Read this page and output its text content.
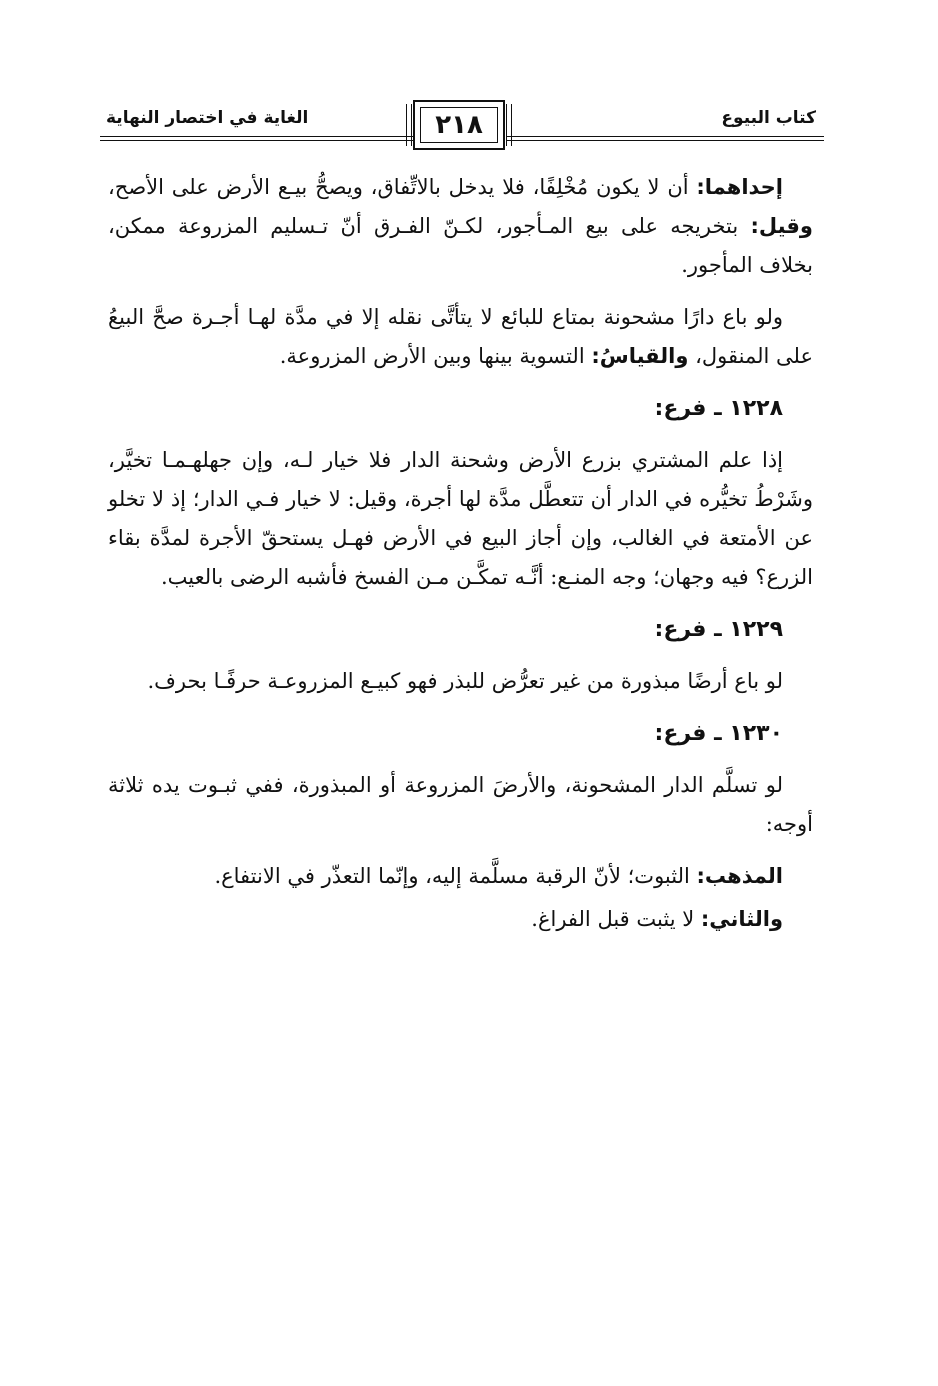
كتاب البيوع
الغاية في اختصار النهاية	٢١٨

إحداهما: أن لا يكون مُخْلِفًا، فلا يدخل بالاتِّفاق، ويصحُّ بيـع الأرض على الأصح، وقيل: بتخريجه على بيع المـأجور، لكـنّ الفـرق أنّ تـسليم المزروعة ممكن، بخلاف المأجور.

ولو باع دارًا مشحونة بمتاع للبائع لا يتأتَّى نقله إلا في مدَّة لهـا أجـرة صحَّ البيعُ على المنقول، والقياسُ: التسوية بينها وبين الأرض المزروعة.

١٢٢٨ ـ فرع:

إذا علم المشتري بزرع الأرض وشحنة الدار فلا خيار لـه، وإن جهلهـمـا تخيَّر، وشَرْطُ تخيُّره في الدار أن تتعطَّل مدَّة لها أجرة، وقيل: لا خيار فـي الدار؛ إذ لا تخلو عن الأمتعة في الغالب، وإن أجاز البيع في الأرض فهـل يستحقّ الأجرة لمدَّة بقاء الزرع؟ فيه وجهان؛ وجه المنـع: أنَّـه تمكَّـن مـن الفسخ فأشبه الرضى بالعيب.

١٢٢٩ ـ فرع:

لو باع أرضًا مبذورة من غير تعرُّض للبذر فهو كبيـع المزروعـة حرفًـا بحرف.

١٢٣٠ ـ فرع:

لو تسلَّم الدار المشحونة، والأرضَ المزروعة أو المبذورة، ففي ثبـوت يده ثلاثة أوجه:

المذهب: الثبوت؛ لأنّ الرقبة مسلَّمة إليه، وإنّما التعذّر في الانتفاع.

والثاني: لا يثبت قبل الفراغ.
